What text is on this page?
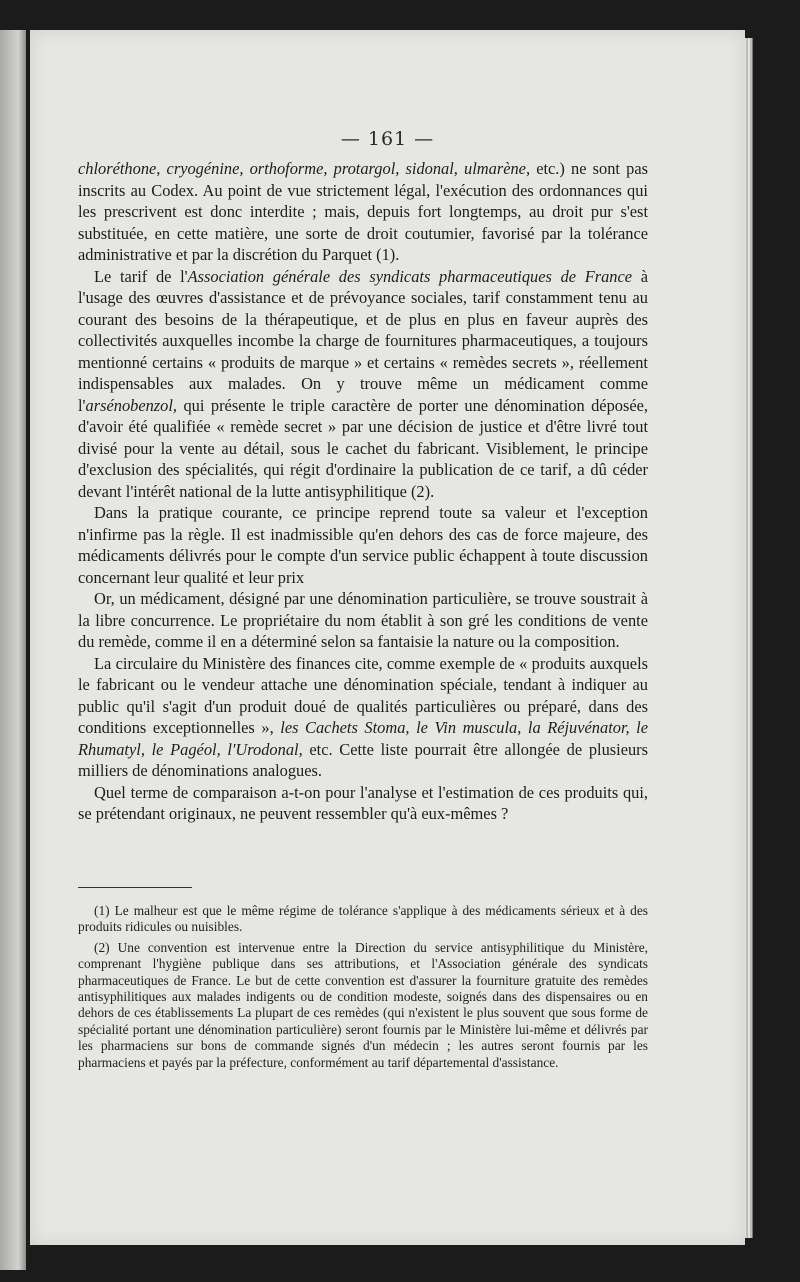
— 161 —

chloréthone, cryogénine, orthoforme, protargol, sidonal, ulmarène, etc.) ne sont pas inscrits au Codex. Au point de vue strictement légal, l'exécution des ordonnances qui les prescrivent est donc interdite ; mais, depuis fort longtemps, au droit pur s'est substituée, en cette matière, une sorte de droit coutumier, favorisé par la tolérance administrative et par la discrétion du Parquet (1).

Le tarif de l'Association générale des syndicats pharmaceutiques de France à l'usage des œuvres d'assistance et de prévoyance sociales, tarif constamment tenu au courant des besoins de la thérapeutique, et de plus en plus en faveur auprès des collectivités auxquelles incombe la charge de fournitures pharmaceutiques, a toujours mentionné certains « produits de marque » et certains « remèdes secrets », réellement indispensables aux malades. On y trouve même un médicament comme l'arsénobenzol, qui présente le triple caractère de porter une dénomination déposée, d'avoir été qualifiée « remède secret » par une décision de justice et d'être livré tout divisé pour la vente au détail, sous le cachet du fabricant. Visiblement, le principe d'exclusion des spécialités, qui régit d'ordinaire la publication de ce tarif, a dû céder devant l'intérêt national de la lutte antisyphilitique (2).

Dans la pratique courante, ce principe reprend toute sa valeur et l'exception n'infirme pas la règle. Il est inadmissible qu'en dehors des cas de force majeure, des médicaments délivrés pour le compte d'un service public échappent à toute discussion concernant leur qualité et leur prix

Or, un médicament, désigné par une dénomination particulière, se trouve soustrait à la libre concurrence. Le propriétaire du nom établit à son gré les conditions de vente du remède, comme il en a déterminé selon sa fantaisie la nature ou la composition.

La circulaire du Ministère des finances cite, comme exemple de « produits auxquels le fabricant ou le vendeur attache une dénomination spéciale, tendant à indiquer au public qu'il s'agit d'un produit doué de qualités particulières ou préparé, dans des conditions exceptionnelles », les Cachets Stoma, le Vin muscula, la Réjuvénator, le Rhumatyl, le Pagéol, l'Urodonal, etc. Cette liste pourrait être allongée de plusieurs milliers de dénominations analogues.

Quel terme de comparaison a-t-on pour l'analyse et l'estimation de ces produits qui, se prétendant originaux, ne peuvent ressembler qu'à eux-mêmes ?

(1) Le malheur est que le même régime de tolérance s'applique à des médicaments sérieux et à des produits ridicules ou nuisibles.

(2) Une convention est intervenue entre la Direction du service antisyphilitique du Ministère, comprenant l'hygiène publique dans ses attributions, et l'Association générale des syndicats pharmaceutiques de France. Le but de cette convention est d'assurer la fourniture gratuite des remèdes antisyphilitiques aux malades indigents ou de condition modeste, soignés dans des dispensaires ou en dehors de ces établissements La plupart de ces remèdes (qui n'existent le plus souvent que sous forme de spécialité portant une dénomination particulière) seront fournis par le Ministère lui-même et délivrés par les pharmaciens sur bons de commande signés d'un médecin ; les autres seront fournis par les pharmaciens et payés par la préfecture, conformément au tarif départemental d'assistance.
